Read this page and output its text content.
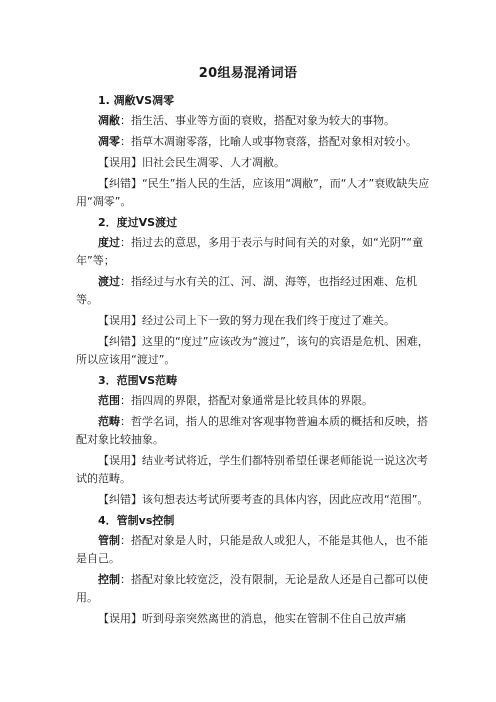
20组易混淆词语

1. 凋敝VS凋零

凋敝：指生活、事业等方面的衰败，搭配对象为较大的事物。

凋零：指草木凋谢零落，比喻人或事物衰落，搭配对象相对较小。

【误用】旧社会民生凋零、人才凋敝。

【纠错】“民生”指人民的生活，应该用“凋敝”，而“人才”衰败缺失应用“凋零”。

2．度过VS渡过

度过：指过去的意思，多用于表示与时间有关的对象，如“光阴”“童年”等；

渡过：指经过与水有关的江、河、湖、海等，也指经过困难、危机等。

【误用】经过公司上下一致的努力现在我们终于度过了难关。

【纠错】这里的“度过”应该改为“渡过”，该句的宾语是危机、困难，所以应该用“渡过”。

3．范围VS范畴

范围：指四周的界限，搭配对象通常是比较具体的界限。

范畴：哲学名词，指人的思维对客观事物普遍本质的概括和反映，搭配对象比较抽象。

【误用】结业考试将近，学生们都特别希望任课老师能说一说这次考试的范畴。

【纠错】该句想表达考试所要考查的具体内容，因此应改用“范围”。

4．管制vs控制

管制：搭配对象是人时，只能是敌人或犯人，不能是其他人，也不能是自己。

控制：搭配对象比较宽泛，没有限制，无论是敌人还是自己都可以使用。

【误用】听到母亲突然离世的消息，他实在管制不住自己放声痛
